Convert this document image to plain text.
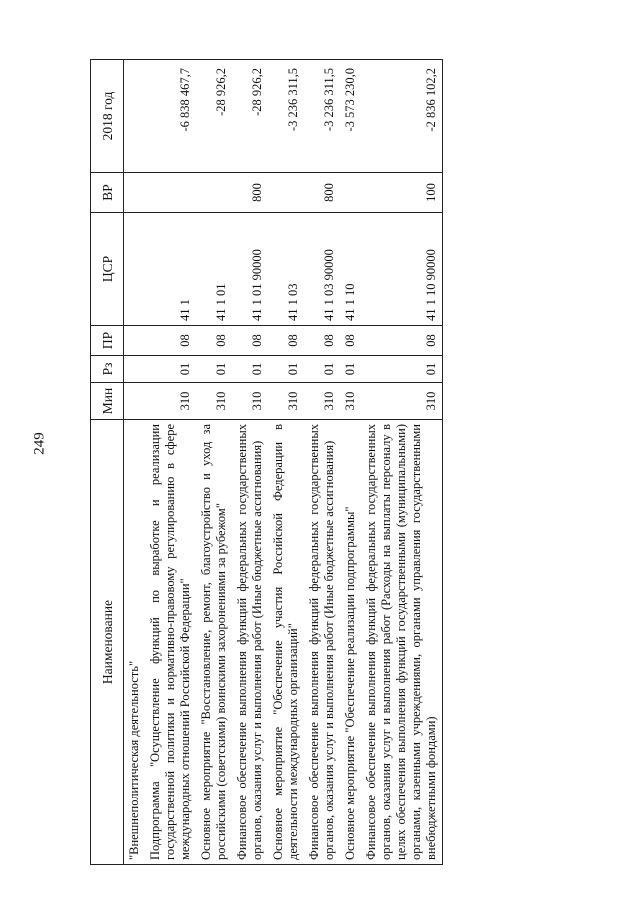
249
Наименование	Мин	Рз	ПР	ЦСР	ВР	2018 год
"Внешнеполитическая деятельность"						
Подпрограмма "Осуществление функций по выработке и реализации государственной политики и нормативно-правовому регулированию в сфере международных отношений Российской Федерации"	310	01	08	41 1		-6 838 467,7
Основное мероприятие "Восстановление, ремонт, благоустройство и уход за российскими (советскими) воинскими захоронениями за рубежом"	310	01	08	41 1 01		-28 926,2
Финансовое обеспечение выполнения функций федеральных государственных органов, оказания услуг и выполнения работ (Иные бюджетные ассигнования)	310	01	08	41 1 01 90000	800	-28 926,2
Основное мероприятие "Обеспечение участия Российской Федерации в деятельности международных организаций"	310	01	08	41 1 03		-3 236 311,5
Финансовое обеспечение выполнения функций федеральных государственных органов, оказания услуг и выполнения работ (Иные бюджетные ассигнования)	310	01	08	41 1 03 90000	800	-3 236 311,5
Основное мероприятие "Обеспечение реализации подпрограммы"	310	01	08	41 1 10		-3 573 230,0
Финансовое обеспечение выполнения функций федеральных государственных органов, оказания услуг и выполнения работ (Расходы на выплаты персоналу в целях обеспечения выполнения функций государственными (муниципальными) органами, казенными учреждениями, органами управления государственными внебюджетными фондами)	310	01	08	41 1 10 90000	100	-2 836 102,2
